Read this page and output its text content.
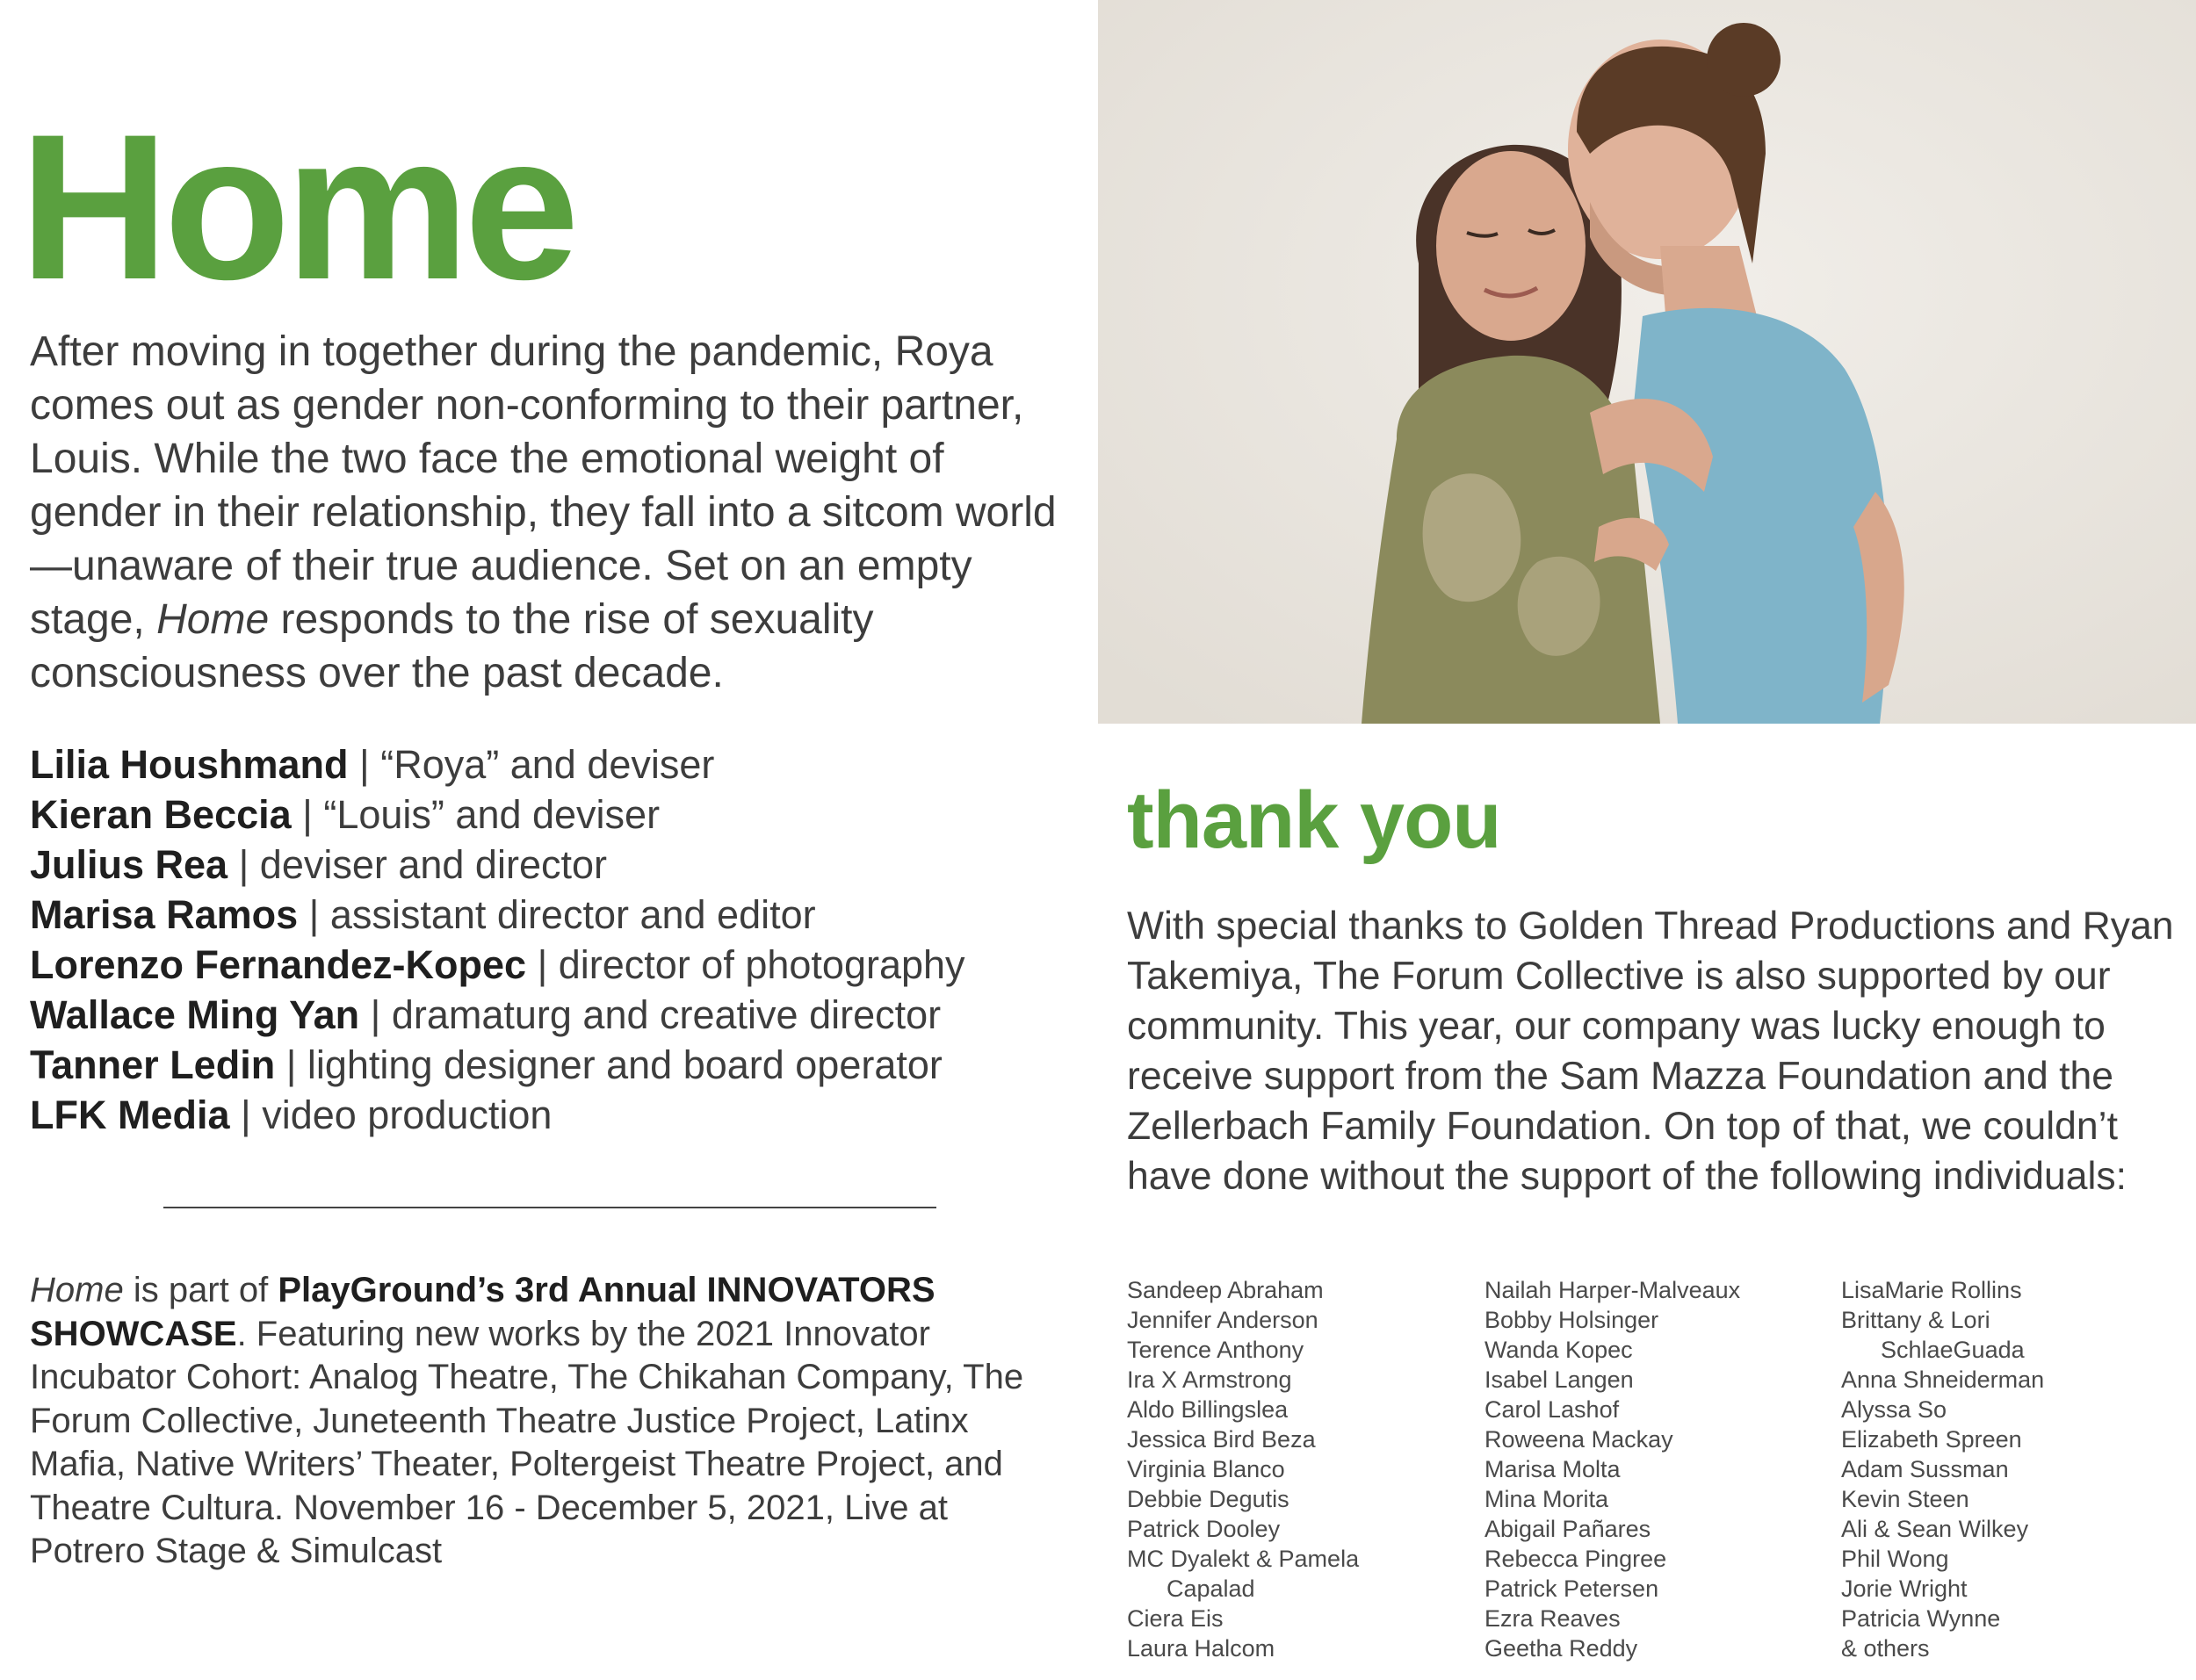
Home

After moving in together during the pandemic, Roya comes out as gender non-conforming to their partner, Louis. While the two face the emotional weight of gender in their relationship, they fall into a sitcom world—unaware of their true audience. Set on an empty stage, Home responds to the rise of sexuality consciousness over the past decade.

Lilia Houshmand | “Roya” and deviser
Kieran Beccia | “Louis” and deviser
Julius Rea | deviser and director
Marisa Ramos | assistant director and editor
Lorenzo Fernandez-Kopec | director of photography
Wallace Ming Yan | dramaturg and creative director
Tanner Ledin | lighting designer and board operator
LFK Media | video production

Home is part of PlayGround’s 3rd Annual INNOVATORS SHOWCASE. Featuring new works by the 2021 Innovator Incubator Cohort: Analog Theatre, The Chikahan Company, The Forum Collective, Juneteenth Theatre Justice Project, Latinx Mafia, Native Writers’ Theater, Poltergeist Theatre Project, and Theatre Cultura. November 16 - December 5, 2021, Live at Potrero Stage & Simulcast

thank you

With special thanks to Golden Thread Productions and Ryan Takemiya, The Forum Collective is also supported by our community. This year, our company was lucky enough to receive support from the Sam Mazza Foundation and the Zellerbach Family Foundation. On top of that, we couldn’t have done without the support of the following individuals:

Sandeep Abraham
Jennifer Anderson
Terence Anthony
Ira X Armstrong
Aldo Billingslea
Jessica Bird Beza
Virginia Blanco
Debbie Degutis
Patrick Dooley
MC Dyalekt & Pamela
Capalad
Ciera Eis
Laura Halcom
Nailah Harper-Malveaux
Bobby Holsinger
Wanda Kopec
Isabel Langen
Carol Lashof
Roweena Mackay
Marisa Molta
Mina Morita
Abigail Pañares
Rebecca Pingree
Patrick Petersen
Ezra Reaves
Geetha Reddy
LisaMarie Rollins
Brittany & Lori
SchlaeGuada
Anna Shneiderman
Alyssa So
Elizabeth Spreen
Adam Sussman
Kevin Steen
Ali & Sean Wilkey
Phil Wong
Jorie Wright
Patricia Wynne
& others
